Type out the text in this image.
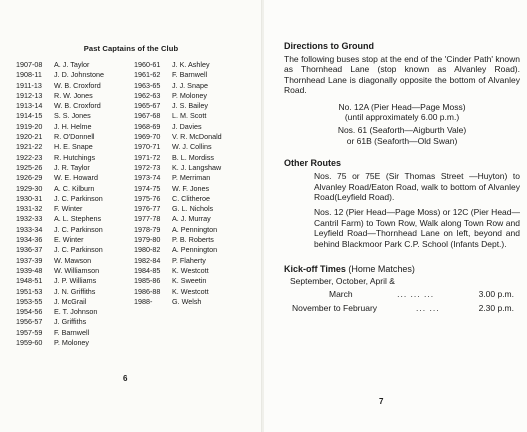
Past Captains of the Club
1907-08	A. J. Taylor
1908-11	J. D. Johnstone
1911-13	W. B. Croxford
1912-13	R. W. Jones
1913-14	W. B. Croxford
1914-15	S. S. Jones
1919-20	J. H. Helme
1920-21	R. O'Donnell
1921-22	H. E. Snape
1922-23	R. Hutchings
1925-26	J. R. Taylor
1926-29	W. E. Howard
1929-30	A. C. Kilburn
1930-31	J. C. Parkinson
1931-32	F. Winter
1932-33	A. L. Stephens
1933-34	J. C. Parkinson
1934-36	E. Winter
1936-37	J. C. Parkinson
1937-39	W. Mawson
1939-48	W. Williamson
1948-51	J. P. Williams
1951-53	J. N. Griffiths
1953-55	J. McGrail
1954-56	E. T. Johnson
1956-57	J. Griffiths
1957-59	F. Barnwell
1959-60	P. Moloney
1960-61	J. K. Ashley
1961-62	F. Barnwell
1963-65	J. J. Snape
1962-63	P. Moloney
1965-67	J. S. Bailey
1967-68	L. M. Scott
1968-69	J. Davies
1969-70	V. R. McDonald
1970-71	W. J. Collins
1971-72	B. L. Mordiss
1972-73	K. J. Langshaw
1973-74	P. Merriman
1974-75	W. F. Jones
1975-76	C. Clitheroe
1976-77	G. L. Nichols
1977-78	A. J. Murray
1978-79	A. Pennington
1979-80	P. B. Roberts
1980-82	A. Pennington
1982-84	P. Flaherty
1984-85	K. Westcott
1985-86	K. Sweetin
1986-88	K. Westcott
1988-	G. Welsh
6
Directions to Ground

The following buses stop at the end of the 'Cinder Path' known as Thornhead Lane (stop known as Alvanley Road). Thornhead Lane is diagonally opposite the bottom of Alvanley Road.

No. 12A (Pier Head—Page Moss)
(until approximately 6.00 p.m.)
Nos. 61 (Seaforth—Aigburth Vale)
or 61B (Seaforth—Old Swan)
Other Routes

Nos. 75 or 75E (Sir Thomas Street —Huyton) to Alvanley Road/Eaton Road, walk to bottom of Alvanley Road(Leyfield Road).

Nos. 12 (Pier Head—Page Moss) or 12C (Pier Head—Cantril Farm) to Town Row, Walk along Town Row and Leyfield Road—Thornhead Lane on left, beyond and behind Blackmoor Park C.P. School (Infants Dept.).

Kick-off Times (Home Matches)
September, October, April &
March	... ... ...	3.00 p.m.
November to February	... ...	2.30 p.m.
7
